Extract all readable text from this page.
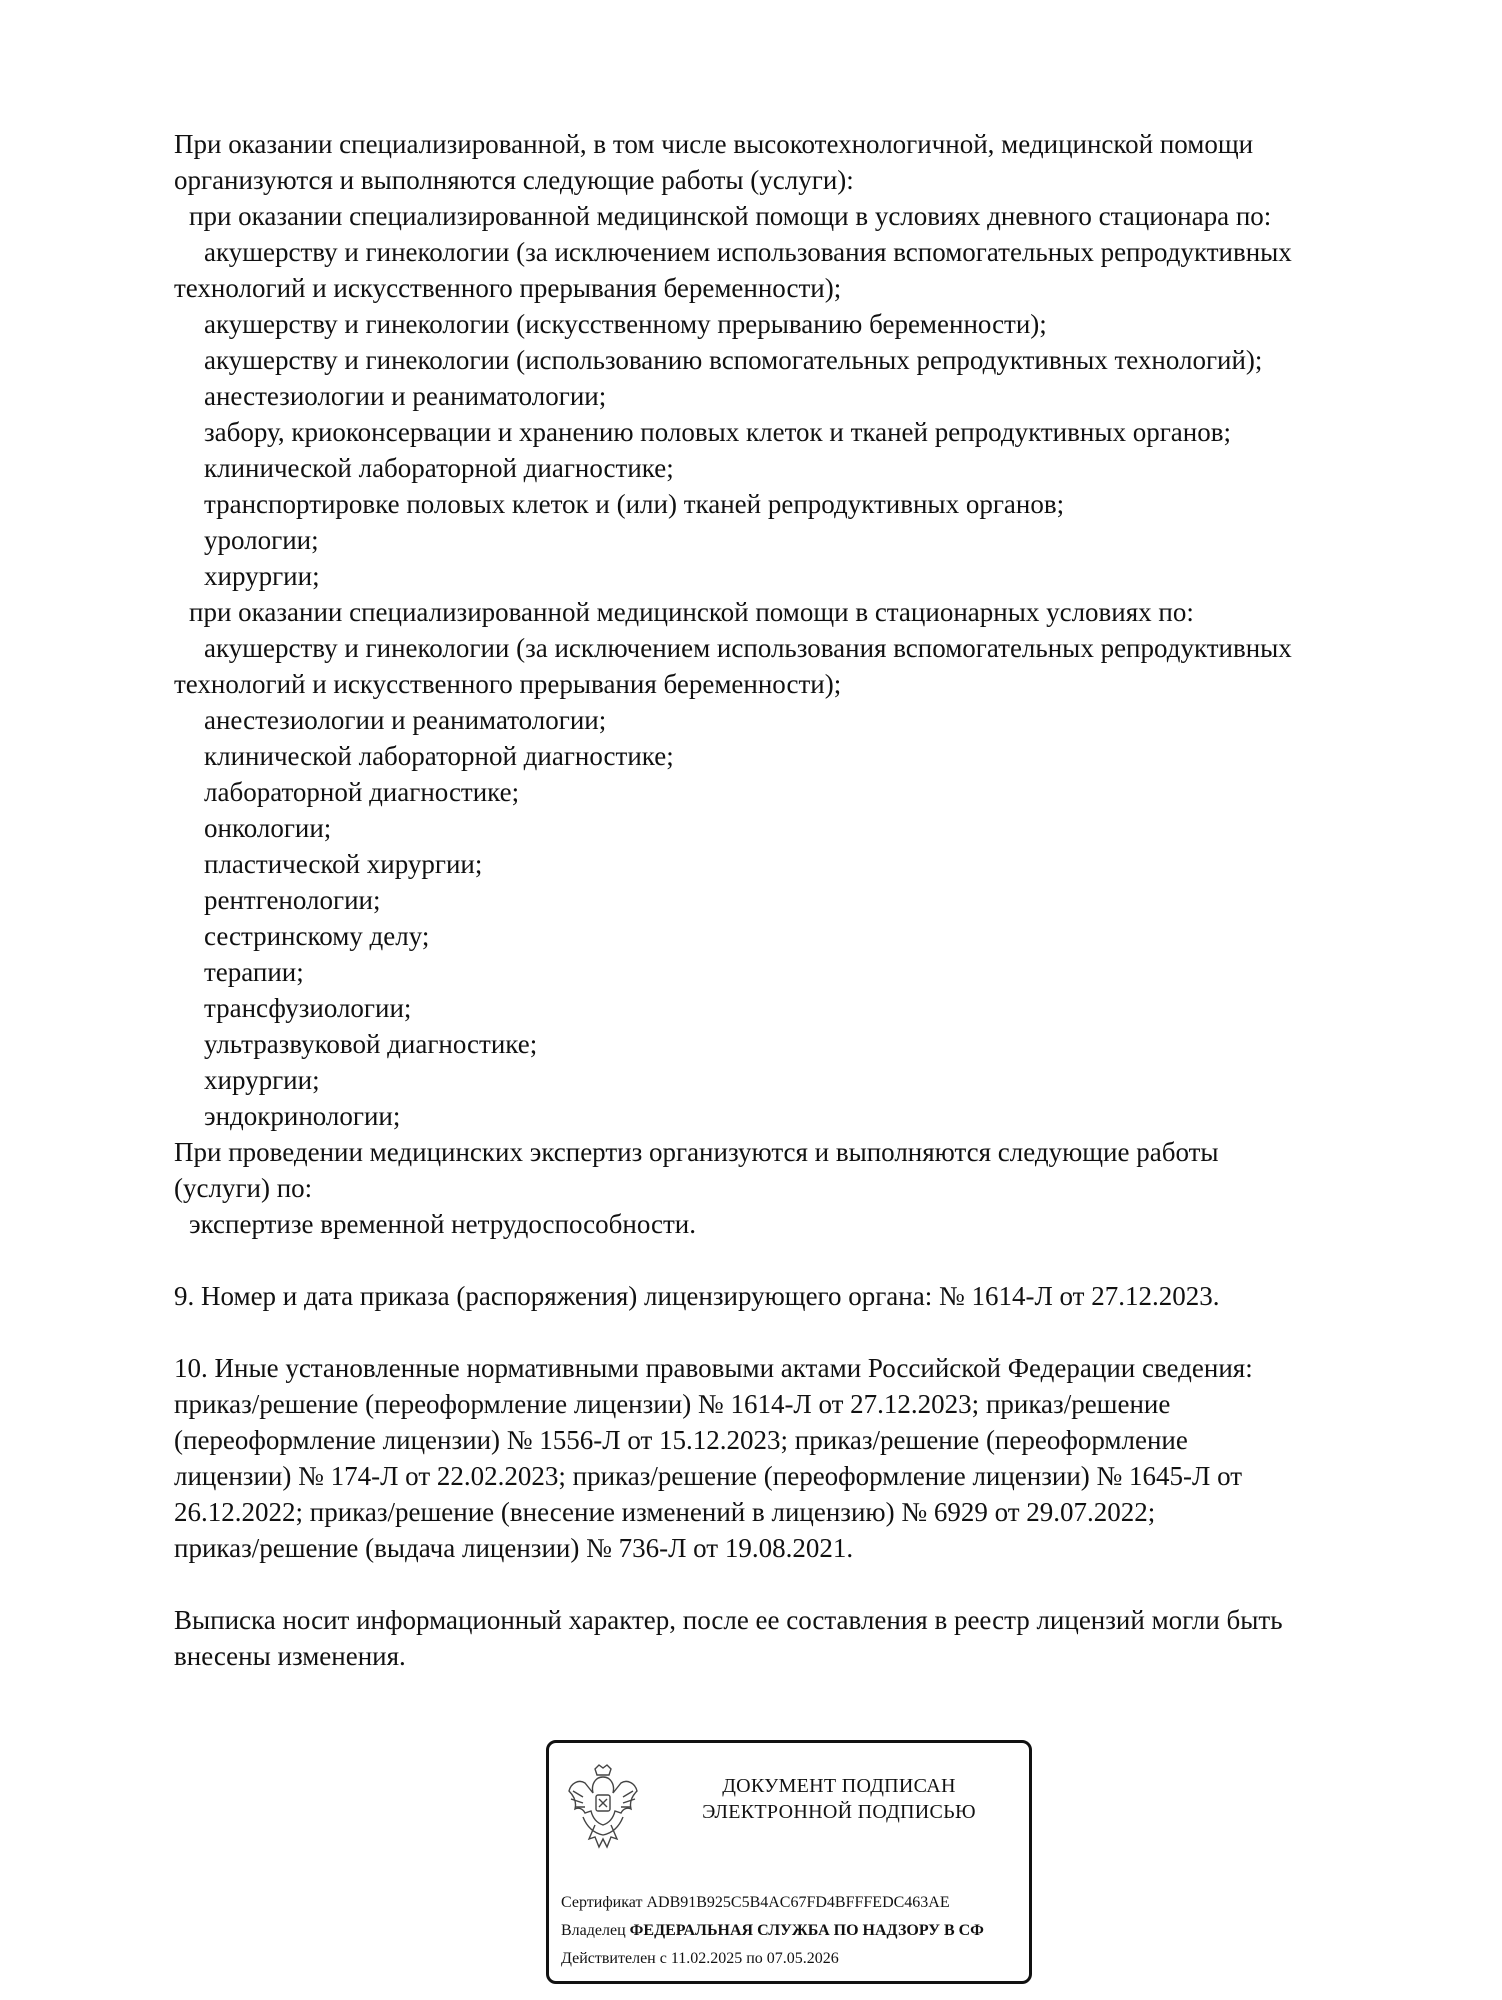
При оказании специализированной, в том числе высокотехнологичной, медицинской помощи
организуются и выполняются следующие работы (услуги):
при оказании специализированной медицинской помощи в условиях дневного стационара по:
акушерству и гинекологии (за исключением использования вспомогательных репродуктивных
технологий и искусственного прерывания беременности);
акушерству и гинекологии (искусственному прерыванию беременности);
акушерству и гинекологии (использованию вспомогательных репродуктивных технологий);
анестезиологии и реаниматологии;
забору, криоконсервации и хранению половых клеток и тканей репродуктивных органов;
клинической лабораторной диагностике;
транспортировке половых клеток и (или) тканей репродуктивных органов;
урологии;
хирургии;
при оказании специализированной медицинской помощи в стационарных условиях по:
акушерству и гинекологии (за исключением использования вспомогательных репродуктивных
технологий и искусственного прерывания беременности);
анестезиологии и реаниматологии;
клинической лабораторной диагностике;
лабораторной диагностике;
онкологии;
пластической хирургии;
рентгенологии;
сестринскому делу;
терапии;
трансфузиологии;
ультразвуковой диагностике;
хирургии;
эндокринологии;
При проведении медицинских экспертиз организуются и выполняются следующие работы
(услуги) по:
экспертизе временной нетрудоспособности.
9. Номер и дата приказа (распоряжения) лицензирующего органа: № 1614-Л от 27.12.2023.
10. Иные установленные нормативными правовыми актами Российской Федерации сведения:
приказ/решение (переоформление лицензии) № 1614-Л от 27.12.2023; приказ/решение
(переоформление лицензии) № 1556-Л от 15.12.2023; приказ/решение (переоформление
лицензии) № 174-Л от 22.02.2023; приказ/решение (переоформление лицензии) № 1645-Л от
26.12.2022; приказ/решение (внесение изменений в лицензию) № 6929 от 29.07.2022;
приказ/решение (выдача лицензии) № 736-Л от 19.08.2021.
Выписка носит информационный характер, после ее составления в реестр лицензий могли быть
внесены изменения.
ДОКУМЕНТ ПОДПИСАН
ЭЛЕКТРОННОЙ ПОДПИСЬЮ
Сертификат ADB91B925C5B4AC67FD4BFFFEDC463AE
Владелец ФЕДЕРАЛЬНАЯ СЛУЖБА ПО НАДЗОРУ В СФ
Действителен с 11.02.2025 по 07.05.2026
